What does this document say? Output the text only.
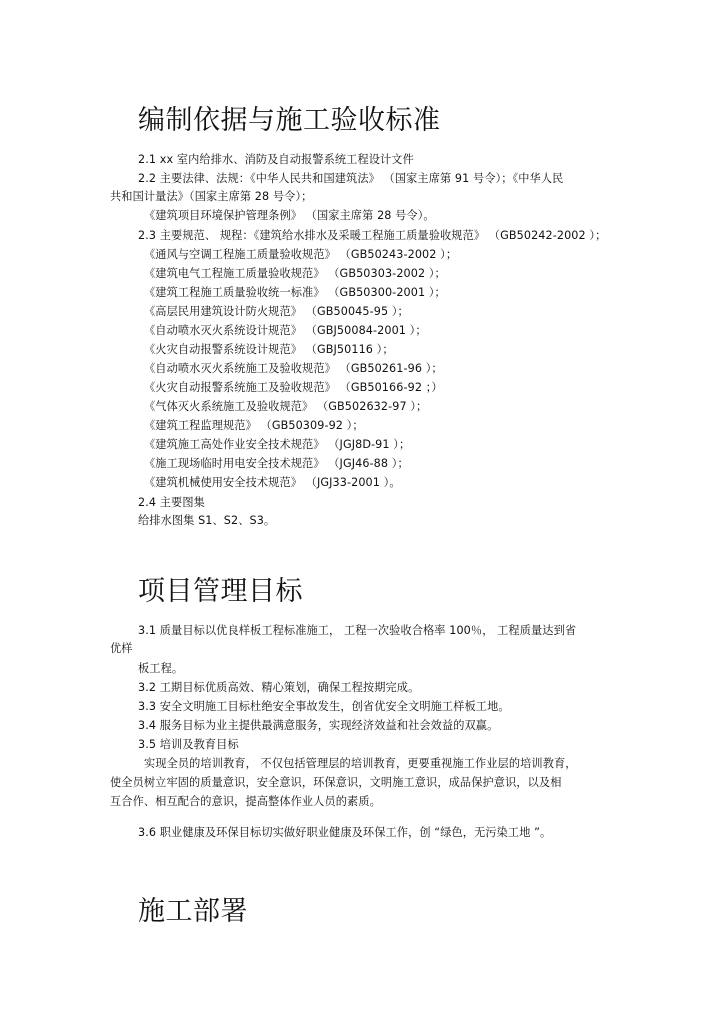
编制依据与施工验收标准
2.1 xx 室内给排水、消防及自动报警系统工程设计文件
2.2 主要法律、法规：《中华人民共和国建筑法》 （国家主席第 91 号令）；《中华人民
共和国计量法》（国家主席第 28 号令）；
《建筑项目环境保护管理条例》 （国家主席第 28 号令）。
2.3 主要规范、 规程：《建筑给水排水及采暖工程施工质量验收规范》 （GB50242-2002 ）；
《通风与空调工程施工质量验收规范》 （GB50243-2002 ）；
《建筑电气工程施工质量验收规范》 （GB50303-2002 ）；
《建筑工程施工质量验收统一标准》 （GB50300-2001 ）；
《高层民用建筑设计防火规范》 （GB50045-95 ）；
《自动喷水灭火系统设计规范》 （GBJ50084-2001 ）；
《火灾自动报警系统设计规范》 （GBJ50116 ）；
《自动喷水灭火系统施工及验收规范》 （GB50261-96 ）；
《火灾自动报警系统施工及验收规范》 （GB50166-92 ；）
《气体灭火系统施工及验收规范》 （GB502632-97 ）；
《建筑工程监理规范》 （GB50309-92 ）；
《建筑施工高处作业安全技术规范》 （JGJ8D-91 ）；
《施工现场临时用电安全技术规范》 （JGJ46-88 ）；
《建筑机械使用安全技术规范》 （JGJ33-2001 ）。
2.4 主要图集
给排水图集 S1、S2、S3。
项目管理目标
3.1 质量目标以优良样板工程标准施工， 工程一次验收合格率 100％， 工程质量达到省
优样
板工程。
3.2 工期目标优质高效、精心策划，确保工程按期完成。
3.3 安全文明施工目标杜绝安全事故发生，创省优安全文明施工样板工地。
3.4 服务目标为业主提供最满意服务，实现经济效益和社会效益的双赢。
3.5 培训及教育目标
实现全员的培训教育， 不仅包括管理层的培训教育，更要重视施工作业层的培训教育，
使全员树立牢固的质量意识，安全意识，环保意识，文明施工意识，成品保护意识，以及相
互合作、相互配合的意识，提高整体作业人员的素质。
3.6 职业健康及环保目标切实做好职业健康及环保工作，创 “绿色，无污染工地 ”。
施工部署
